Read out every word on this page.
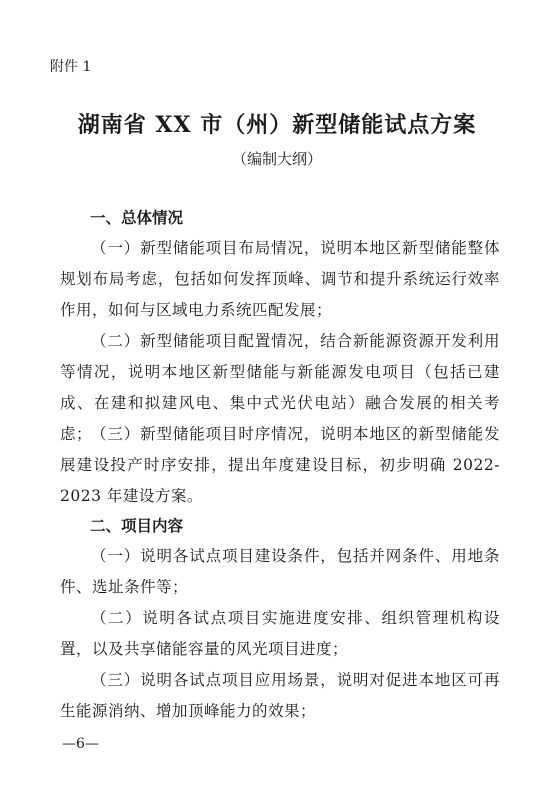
附件 1
湖南省 XX 市（州）新型储能试点方案
（编制大纲）
一、总体情况
（一）新型储能项目布局情况，说明本地区新型储能整体规划布局考虑，包括如何发挥顶峰、调节和提升系统运行效率作用，如何与区域电力系统匹配发展；
（二）新型储能项目配置情况，结合新能源资源开发利用等情况，说明本地区新型储能与新能源发电项目（包括已建成、在建和拟建风电、集中式光伏电站）融合发展的相关考虑；
（三）新型储能项目时序情况，说明本地区的新型储能发展建设投产时序安排，提出年度建设目标，初步明确 2022-2023 年建设方案。
二、项目内容
（一）说明各试点项目建设条件，包括并网条件、用地条件、选址条件等；
（二）说明各试点项目实施进度安排、组织管理机构设置，以及共享储能容量的风光项目进度；
（三）说明各试点项目应用场景，说明对促进本地区可再生能源消纳、增加顶峰能力的效果；
—6—
